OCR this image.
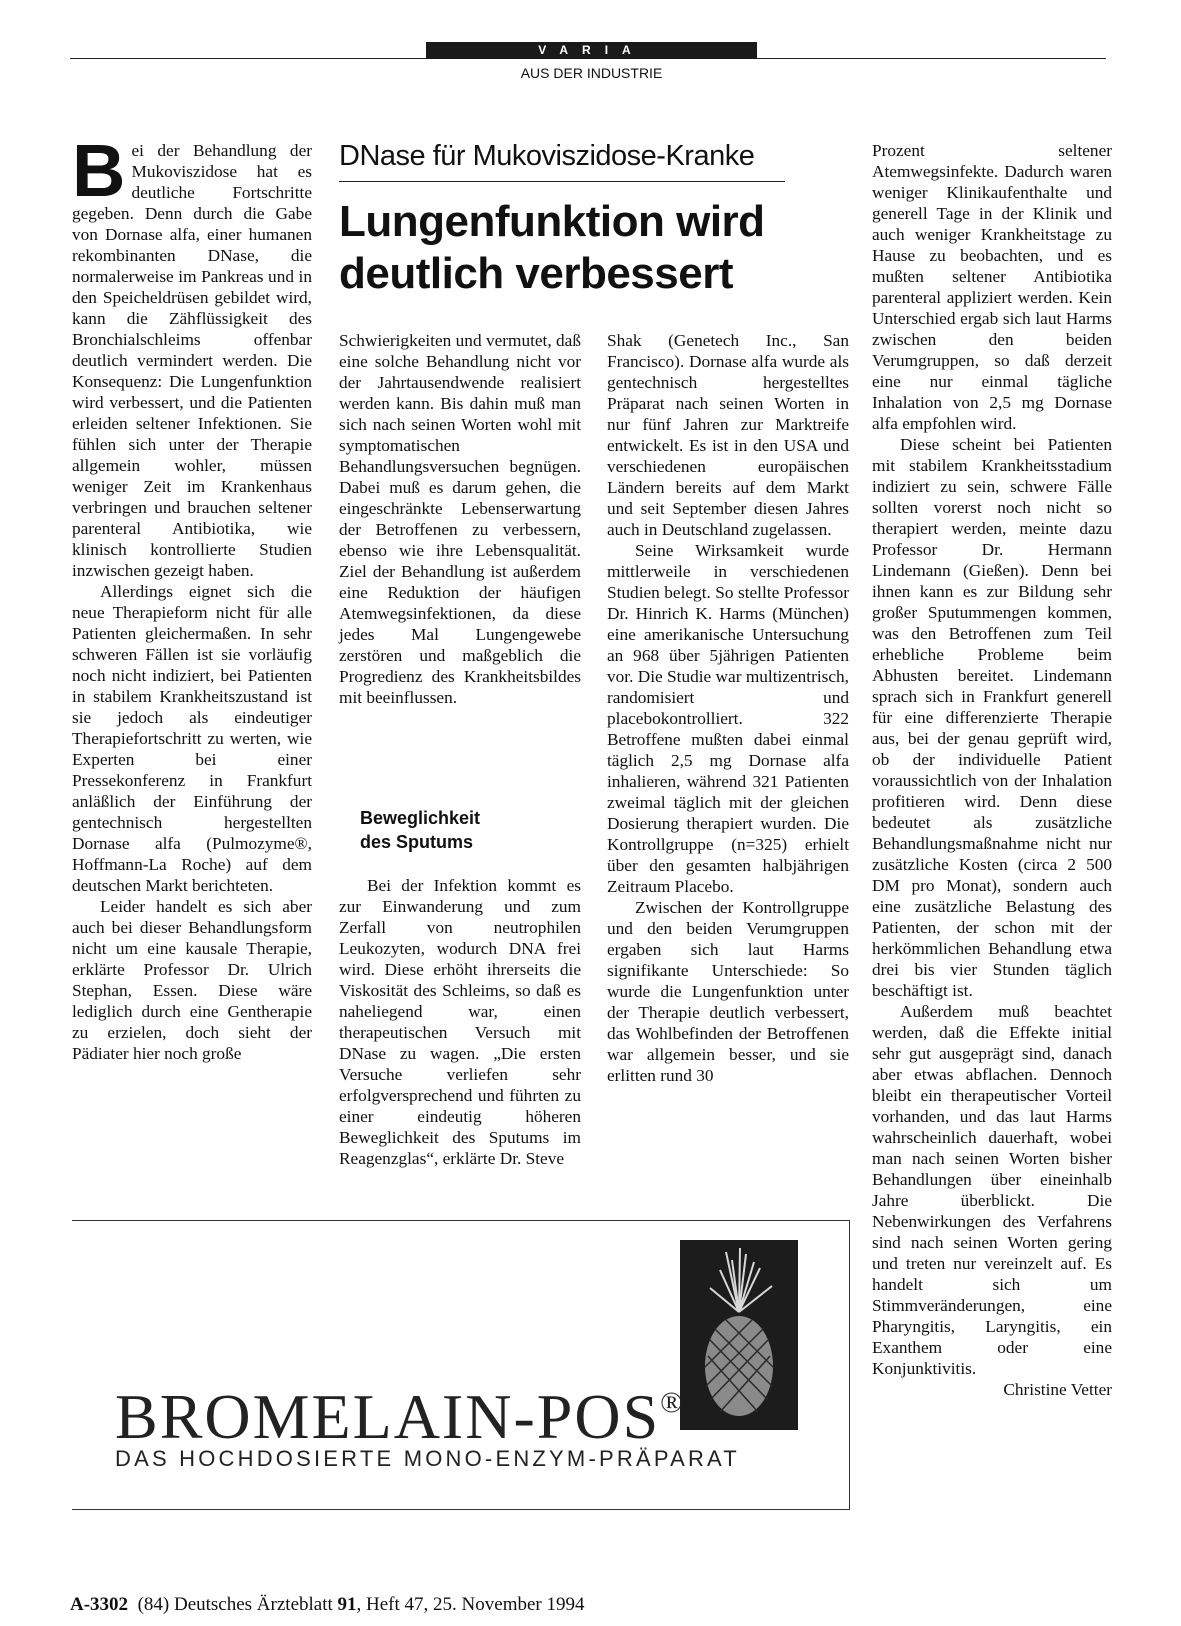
VARIA
AUS DER INDUSTRIE

Bei der Behandlung der Mukoviszidose hat es deutliche Fortschritte gegeben. Denn durch die Gabe von Dornase alfa, einer humanen rekombinanten DNase, die normalerweise im Pankreas und in den Speicheldrüsen gebildet wird, kann die Zähflüssigkeit des Bronchialschleims offenbar deutlich vermindert werden. Die Konsequenz: Die Lungenfunktion wird verbessert, und die Patienten erleiden seltener Infektionen. Sie fühlen sich unter der Therapie allgemein wohler, müssen weniger Zeit im Krankenhaus verbringen und brauchen seltener parenteral Antibiotika, wie klinisch kontrollierte Studien inzwischen gezeigt haben.

Allerdings eignet sich die neue Therapieform nicht für alle Patienten gleichermaßen. In sehr schweren Fällen ist sie vorläufig noch nicht indiziert, bei Patienten in stabilem Krankheitszustand ist sie jedoch als eindeutiger Therapiefortschritt zu werten, wie Experten bei einer Pressekonferenz in Frankfurt anläßlich der Einführung der gentechnisch hergestellten Dornase alfa (Pulmozyme®, Hoffmann-La Roche) auf dem deutschen Markt berichteten.

Leider handelt es sich aber auch bei dieser Behandlungsform nicht um eine kausale Therapie, erklärte Professor Dr. Ulrich Stephan, Essen. Diese wäre lediglich durch eine Gentherapie zu erzielen, doch sieht der Pädiater hier noch große

DNase für Mukoviszidose-Kranke
Lungenfunktion wird
deutlich verbessert

Schwierigkeiten und vermutet, daß eine solche Behandlung nicht vor der Jahrtausendwende realisiert werden kann. Bis dahin muß man sich nach seinen Worten wohl mit symptomatischen Behandlungsversuchen begnügen. Dabei muß es darum gehen, die eingeschränkte Lebenserwartung der Betroffenen zu verbessern, ebenso wie ihre Lebensqualität. Ziel der Behandlung ist außerdem eine Reduktion der häufigen Atemwegsinfektionen, da diese jedes Mal Lungengewebe zerstören und maßgeblich die Progredienz des Krankheitsbildes mit beeinflussen.

Beweglichkeit
des Sputums

Bei der Infektion kommt es zur Einwanderung und zum Zerfall von neutrophilen Leukozyten, wodurch DNA frei wird. Diese erhöht ihrerseits die Viskosität des Schleims, so daß es naheliegend war, einen therapeutischen Versuch mit DNase zu wagen. „Die ersten Versuche verliefen sehr erfolgversprechend und führten zu einer eindeutig höheren Beweglichkeit des Sputums im Reagenzglas“, erklärte Dr. Steve

Shak (Genetech Inc., San Francisco). Dornase alfa wurde als gentechnisch hergestelltes Präparat nach seinen Worten in nur fünf Jahren zur Marktreife entwickelt. Es ist in den USA und verschiedenen europäischen Ländern bereits auf dem Markt und seit September diesen Jahres auch in Deutschland zugelassen.

Seine Wirksamkeit wurde mittlerweile in verschiedenen Studien belegt. So stellte Professor Dr. Hinrich K. Harms (München) eine amerikanische Untersuchung an 968 über 5jährigen Patienten vor. Die Studie war multizentrisch, randomisiert und placebokontrolliert. 322 Betroffene mußten dabei einmal täglich 2,5 mg Dornase alfa inhalieren, während 321 Patienten zweimal täglich mit der gleichen Dosierung therapiert wurden. Die Kontrollgruppe (n=325) erhielt über den gesamten halbjährigen Zeitraum Placebo.

Zwischen der Kontrollgruppe und den beiden Verumgruppen ergaben sich laut Harms signifikante Unterschiede: So wurde die Lungenfunktion unter der Therapie deutlich verbessert, das Wohlbefinden der Betroffenen war allgemein besser, und sie erlitten rund 30

Prozent seltener Atemwegsinfekte. Dadurch waren weniger Klinikaufenthalte und generell Tage in der Klinik und auch weniger Krankheitstage zu Hause zu beobachten, und es mußten seltener Antibiotika parenteral appliziert werden. Kein Unterschied ergab sich laut Harms zwischen den beiden Verumgruppen, so daß derzeit eine nur einmal tägliche Inhalation von 2,5 mg Dornase alfa empfohlen wird.

Diese scheint bei Patienten mit stabilem Krankheitsstadium indiziert zu sein, schwere Fälle sollten vorerst noch nicht so therapiert werden, meinte dazu Professor Dr. Hermann Lindemann (Gießen). Denn bei ihnen kann es zur Bildung sehr großer Sputummengen kommen, was den Betroffenen zum Teil erhebliche Probleme beim Abhusten bereitet. Lindemann sprach sich in Frankfurt generell für eine differenzierte Therapie aus, bei der genau geprüft wird, ob der individuelle Patient voraussichtlich von der Inhalation profitieren wird. Denn diese bedeutet als zusätzliche Behandlungsmaßnahme nicht nur zusätzliche Kosten (circa 2 500 DM pro Monat), sondern auch eine zusätzliche Belastung des Patienten, der schon mit der herkömmlichen Behandlung etwa drei bis vier Stunden täglich beschäftigt ist.

Außerdem muß beachtet werden, daß die Effekte initial sehr gut ausgeprägt sind, danach aber etwas abflachen. Dennoch bleibt ein therapeutischer Vorteil vorhanden, und das laut Harms wahrscheinlich dauerhaft, wobei man nach seinen Worten bisher Behandlungen über eineinhalb Jahre überblickt. Die Nebenwirkungen des Verfahrens sind nach seinen Worten gering und treten nur vereinzelt auf. Es handelt sich um Stimmveränderungen, eine Pharyngitis, Laryngitis, ein Exanthem oder eine Konjunktivitis.

Christine Vetter

BROMELAIN-POS®
DAS HOCHDOSIERTE MONO-ENZYM-PRÄPARAT
A-3302 (84) Deutsches Ärzteblatt 91, Heft 47, 25. November 1994
